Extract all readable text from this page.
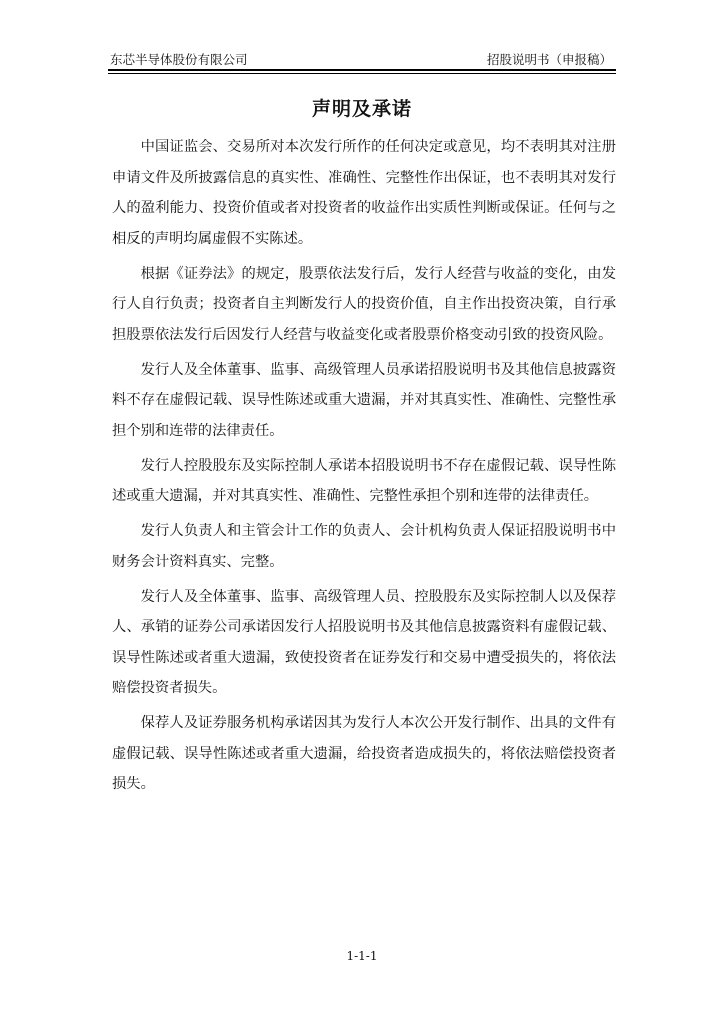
东芯半导体股份有限公司	招股说明书（申报稿）
声明及承诺

中国证监会、交易所对本次发行所作的任何决定或意见，均不表明其对注册申请文件及所披露信息的真实性、准确性、完整性作出保证，也不表明其对发行人的盈利能力、投资价值或者对投资者的收益作出实质性判断或保证。任何与之相反的声明均属虚假不实陈述。

根据《证券法》的规定，股票依法发行后，发行人经营与收益的变化，由发行人自行负责；投资者自主判断发行人的投资价值，自主作出投资决策，自行承担股票依法发行后因发行人经营与收益变化或者股票价格变动引致的投资风险。

发行人及全体董事、监事、高级管理人员承诺招股说明书及其他信息披露资料不存在虚假记载、误导性陈述或重大遗漏，并对其真实性、准确性、完整性承担个别和连带的法律责任。

发行人控股股东及实际控制人承诺本招股说明书不存在虚假记载、误导性陈述或重大遗漏，并对其真实性、准确性、完整性承担个别和连带的法律责任。

发行人负责人和主管会计工作的负责人、会计机构负责人保证招股说明书中财务会计资料真实、完整。

发行人及全体董事、监事、高级管理人员、控股股东及实际控制人以及保荐人、承销的证券公司承诺因发行人招股说明书及其他信息披露资料有虚假记载、误导性陈述或者重大遗漏，致使投资者在证券发行和交易中遭受损失的，将依法赔偿投资者损失。

保荐人及证券服务机构承诺因其为发行人本次公开发行制作、出具的文件有虚假记载、误导性陈述或者重大遗漏，给投资者造成损失的，将依法赔偿投资者损失。

1-1-1
